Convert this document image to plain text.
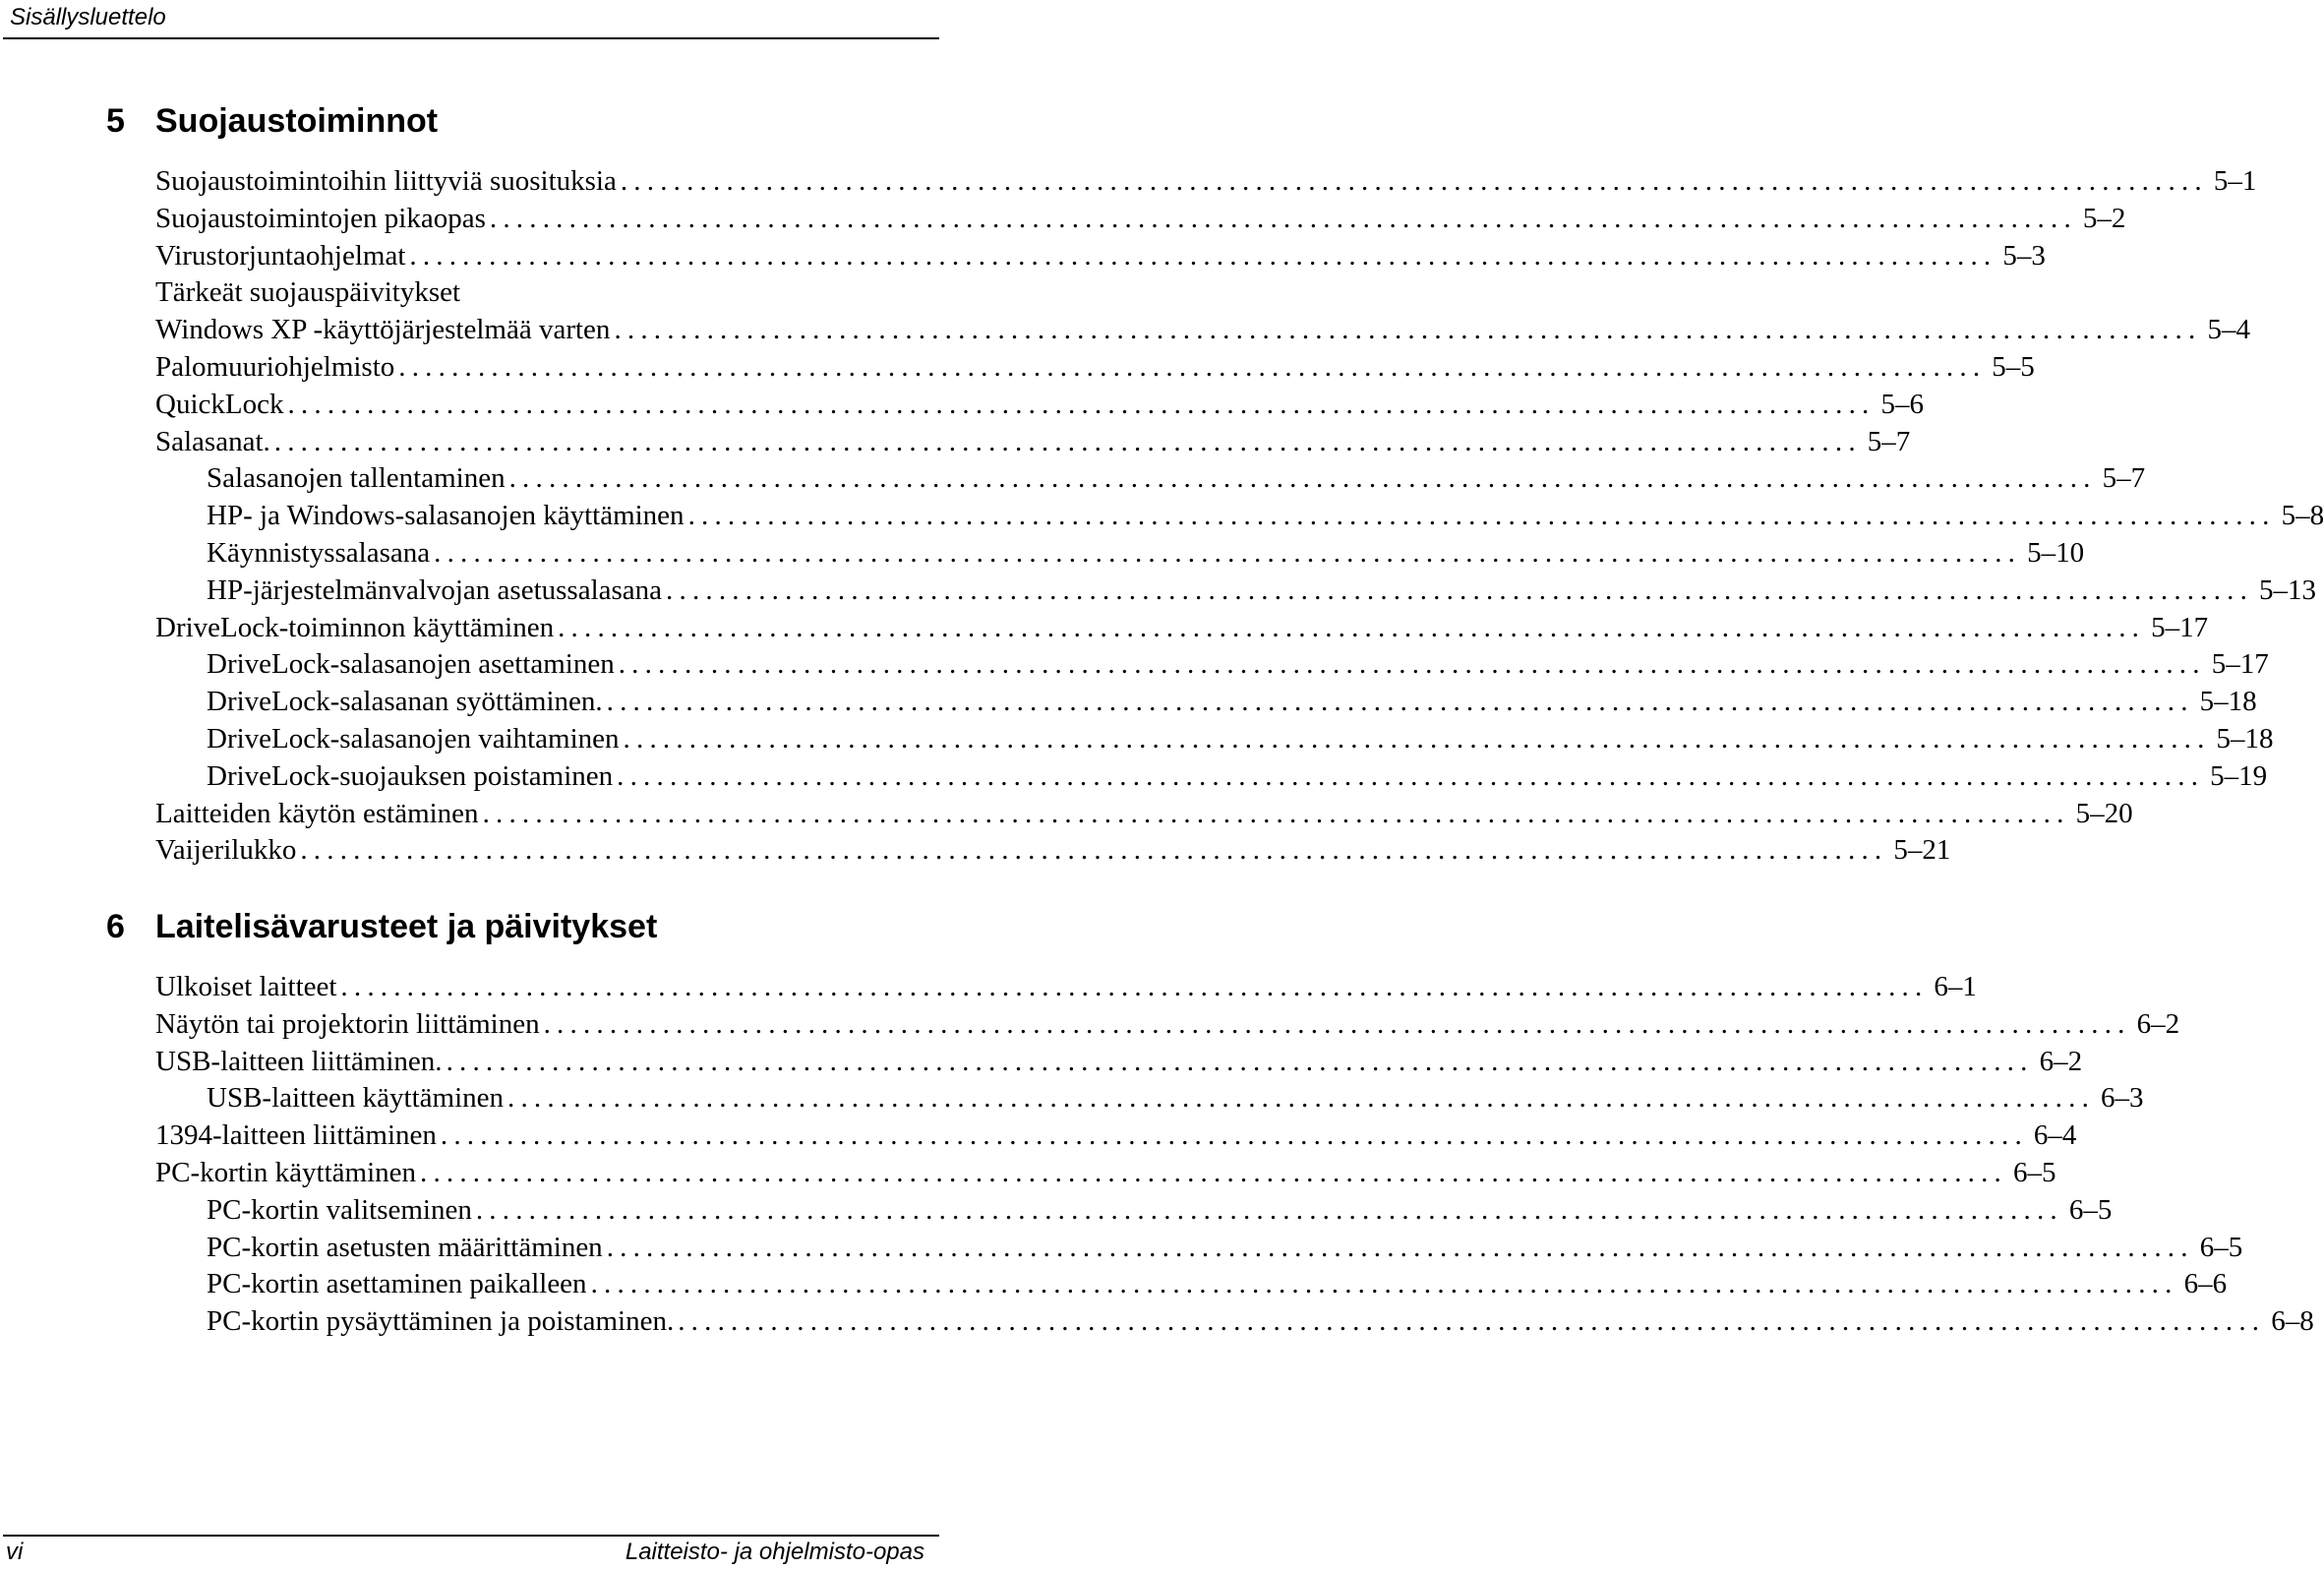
Sisällysluettelo
5 Suojaustoiminnot
Suojaustoimintoihin liittyviä suosituksia ........................................................................................................................ 5–1
Suojaustoimintojen pikaopas ........................................................................................................................ 5–2
Virustorjuntaohjelmat ........................................................................................................................ 5–3
Tärkeät suojauspäivitykset
Windows XP -käyttöjärjestelmää varten ........................................................................................................................ 5–4
Palomuuriohjelmisto ........................................................................................................................ 5–5
QuickLock ........................................................................................................................ 5–6
Salasanat. ........................................................................................................................ 5–7
Salasanojen tallentaminen ........................................................................................................................ 5–7
HP- ja Windows-salasanojen käyttäminen ........................................................................................................................ 5–8
Käynnistyssalasana ........................................................................................................................ 5–10
HP-järjestelmänvalvojan asetussalasana ........................................................................................................................ 5–13
DriveLock-toiminnon käyttäminen ........................................................................................................................ 5–17
DriveLock-salasanojen asettaminen ........................................................................................................................ 5–17
DriveLock-salasanan syöttäminen. ........................................................................................................................ 5–18
DriveLock-salasanojen vaihtaminen ........................................................................................................................ 5–18
DriveLock-suojauksen poistaminen ........................................................................................................................ 5–19
Laitteiden käytön estäminen ........................................................................................................................ 5–20
Vaijerilukko ........................................................................................................................ 5–21
6 Laitelisävarusteet ja päivitykset
Ulkoiset laitteet ........................................................................................................................ 6–1
Näytön tai projektorin liittäminen ........................................................................................................................ 6–2
USB-laitteen liittäminen. ........................................................................................................................ 6–2
USB-laitteen käyttäminen ........................................................................................................................ 6–3
1394-laitteen liittäminen ........................................................................................................................ 6–4
PC-kortin käyttäminen ........................................................................................................................ 6–5
PC-kortin valitseminen ........................................................................................................................ 6–5
PC-kortin asetusten määrittäminen ........................................................................................................................ 6–5
PC-kortin asettaminen paikalleen ........................................................................................................................ 6–6
PC-kortin pysäyttäminen ja poistaminen. ........................................................................................................................ 6–8
vi	Laitteisto- ja ohjelmisto-opas
